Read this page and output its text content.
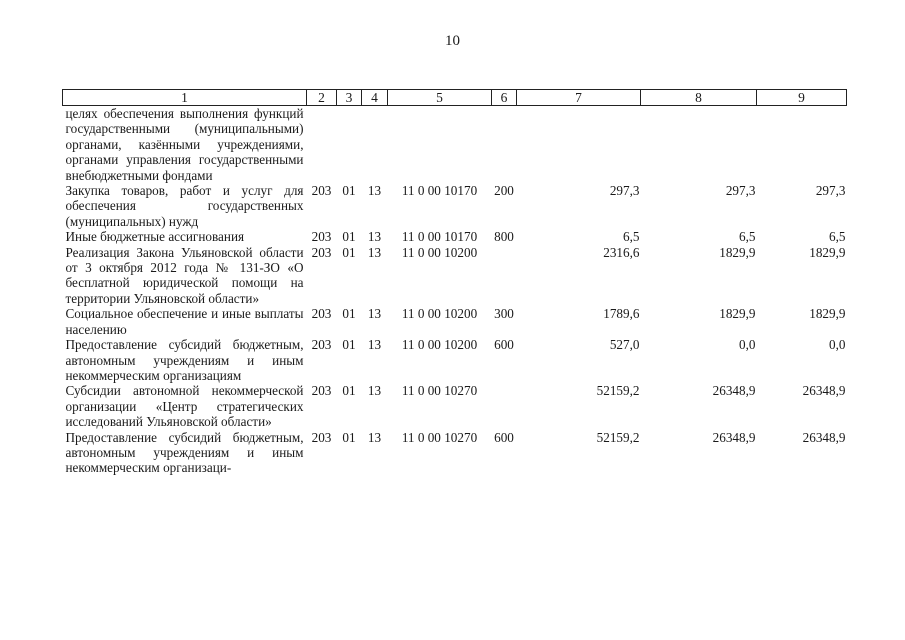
10
1	2	3	4	5	6	7	8	9
целях обеспечения выполнения функций государственными (муниципальными) органами, казёнными учреждениями, органами управления государственными внебюджетными фондами								
Закупка товаров, работ и услуг для обеспечения государственных (муниципальных) нужд	203	01	13	11 0 00 10170	200	297,3	297,3	297,3
Иные бюджетные ассигнования	203	01	13	11 0 00 10170	800	6,5	6,5	6,5
Реализация Закона Ульяновской области от 3 октября 2012 года № 131-ЗО «О бесплатной юридической помощи на территории Ульяновской области»	203	01	13	11 0 00 10200		2316,6	1829,9	1829,9
Социальное обеспечение и иные выплаты населению	203	01	13	11 0 00 10200	300	1789,6	1829,9	1829,9
Предоставление субсидий бюджетным, автономным учреждениям и иным некоммерческим организациям	203	01	13	11 0 00 10200	600	527,0	0,0	0,0
Субсидии автономной некоммерческой организации «Центр стратегических исследований Ульяновской области»	203	01	13	11 0 00 10270		52159,2	26348,9	26348,9
Предоставление субсидий бюджетным, автономным учреждениям и иным некоммерческим организаци-	203	01	13	11 0 00 10270	600	52159,2	26348,9	26348,9
